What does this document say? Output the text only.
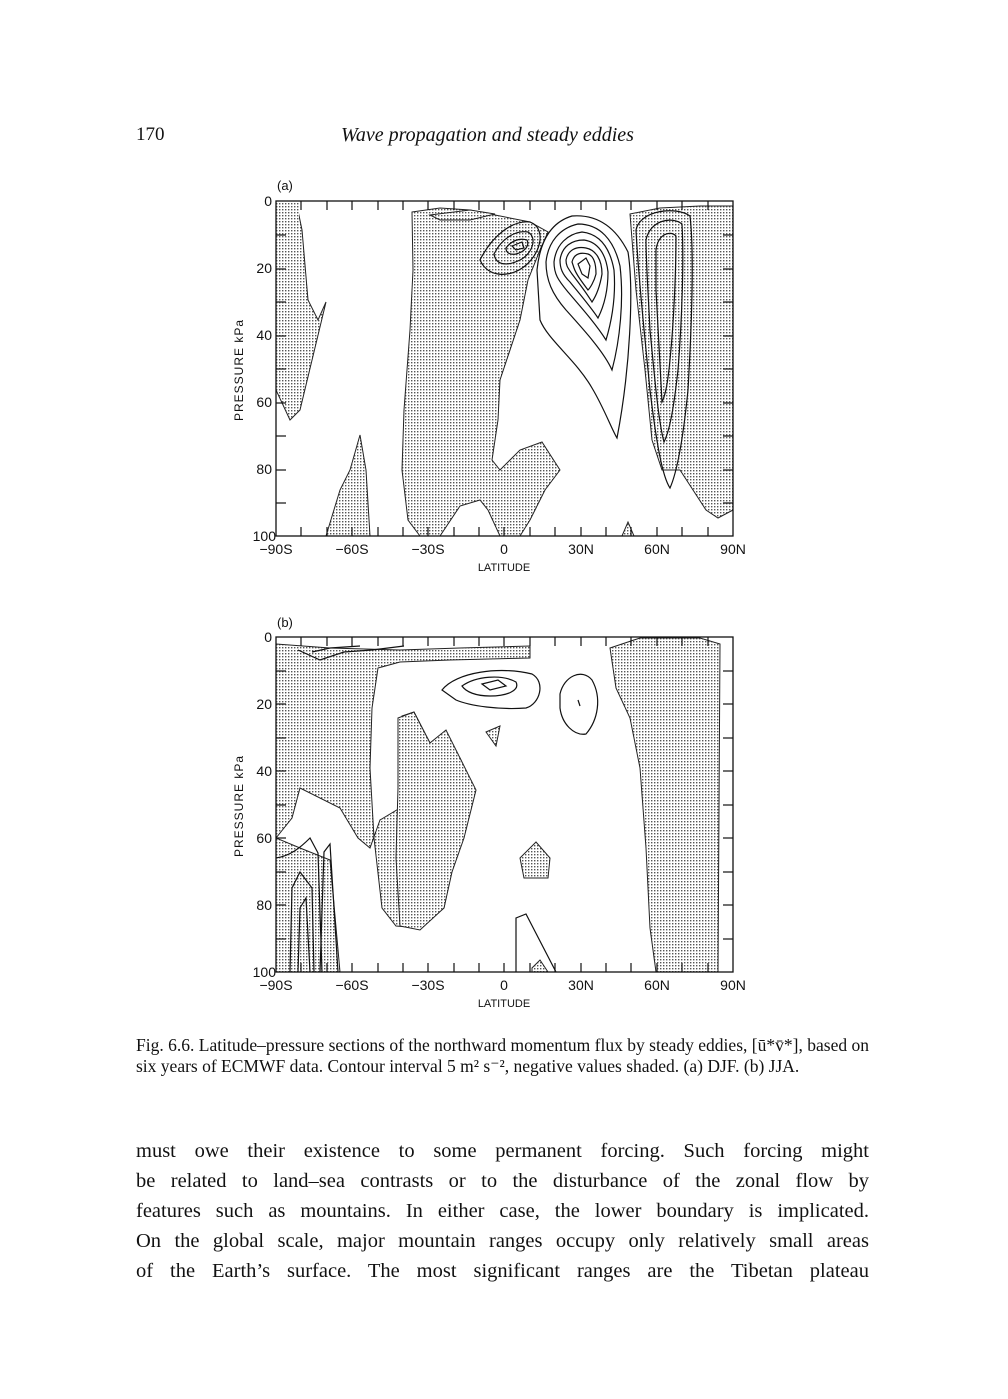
170	Wave propagation and steady eddies
(a)
0
20
40
60
80
100
−90S	−60S	−30S	0	30N	60N	90N
LATITUDE
PRESSURE kPa
(b)
0
20
40
60
80
100
−90S	−60S	−30S	0	30N	60N	90N
LATITUDE
PRESSURE kPa

Fig. 6.6. Latitude–pressure sections of the northward momentum flux by steady eddies, [ū*v̄*], based on six years of ECMWF data. Contour interval 5 m² s⁻², negative values shaded. (a) DJF. (b) JJA.

must owe their existence to some permanent forcing. Such forcing might
be related to land–sea contrasts or to the disturbance of the zonal flow by
features such as mountains. In either case, the lower boundary is implicated.
On the global scale, major mountain ranges occupy only relatively small areas
of the Earth’s surface. The most significant ranges are the Tibetan plateau
